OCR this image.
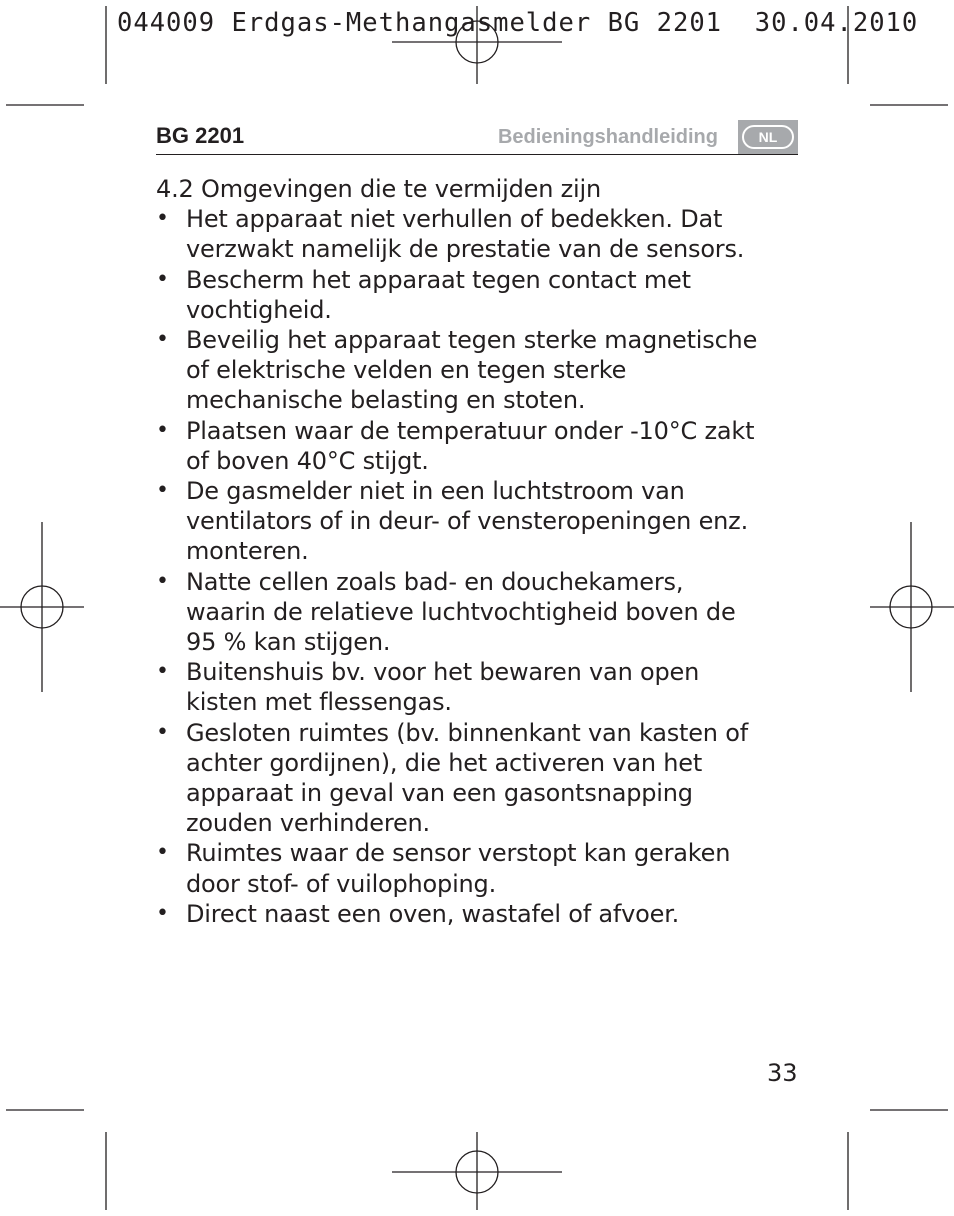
044009 Erdgas-Methangasmelder BG 2201  30.04.2010
BG 2201	Bedieningshandleiding	NL
4.2 Omgevingen die te vermijden zijn
• Het apparaat niet verhullen of bedekken. Dat
verzwakt namelijk de prestatie van de sensors.
• Bescherm het apparaat tegen contact met
vochtigheid.
• Beveilig het apparaat tegen sterke magnetische
of elektrische velden en tegen sterke
mechanische belasting en stoten.
• Plaatsen waar de temperatuur onder -10°C zakt
of boven 40°C stijgt.
• De gasmelder niet in een luchtstroom van
ventilators of in deur- of vensteropeningen enz.
monteren.
• Natte cellen zoals bad- en douchekamers,
waarin de relatieve luchtvochtigheid boven de
95 % kan stijgen.
• Buitenshuis bv. voor het bewaren van open
kisten met flessengas.
• Gesloten ruimtes (bv. binnenkant van kasten of
achter gordijnen), die het activeren van het
apparaat in geval van een gasontsnapping
zouden verhinderen.
• Ruimtes waar de sensor verstopt kan geraken
door stof- of vuilophoping.
• Direct naast een oven, wastafel of afvoer.
33
